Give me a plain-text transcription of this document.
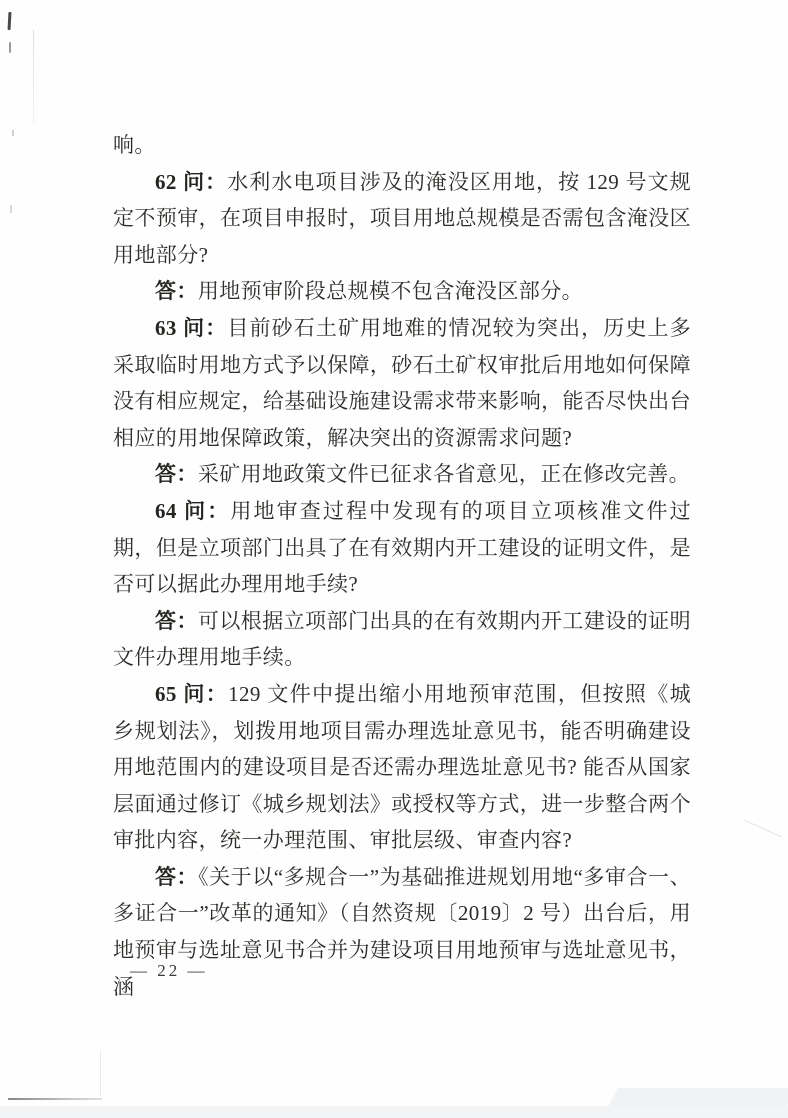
响。

62 问：水利水电项目涉及的淹没区用地，按 129 号文规定不预审，在项目申报时，项目用地总规模是否需包含淹没区用地部分?

答：用地预审阶段总规模不包含淹没区部分。

63 问：目前砂石土矿用地难的情况较为突出，历史上多采取临时用地方式予以保障，砂石土矿权审批后用地如何保障没有相应规定，给基础设施建设需求带来影响，能否尽快出台相应的用地保障政策，解决突出的资源需求问题?

答：采矿用地政策文件已征求各省意见，正在修改完善。

64 问：用地审查过程中发现有的项目立项核准文件过期，但是立项部门出具了在有效期内开工建设的证明文件，是否可以据此办理用地手续?

答：可以根据立项部门出具的在有效期内开工建设的证明文件办理用地手续。

65 问：129 文件中提出缩小用地预审范围，但按照《城乡规划法》，划拨用地项目需办理选址意见书，能否明确建设用地范围内的建设项目是否还需办理选址意见书? 能否从国家层面通过修订《城乡规划法》或授权等方式，进一步整合两个审批内容，统一办理范围、审批层级、审查内容?

答：《关于以“多规合一”为基础推进规划用地“多审合一、多证合一”改革的通知》（自然资规〔2019〕2 号）出台后，用地预审与选址意见书合并为建设项目用地预审与选址意见书，涵

— 22 —
